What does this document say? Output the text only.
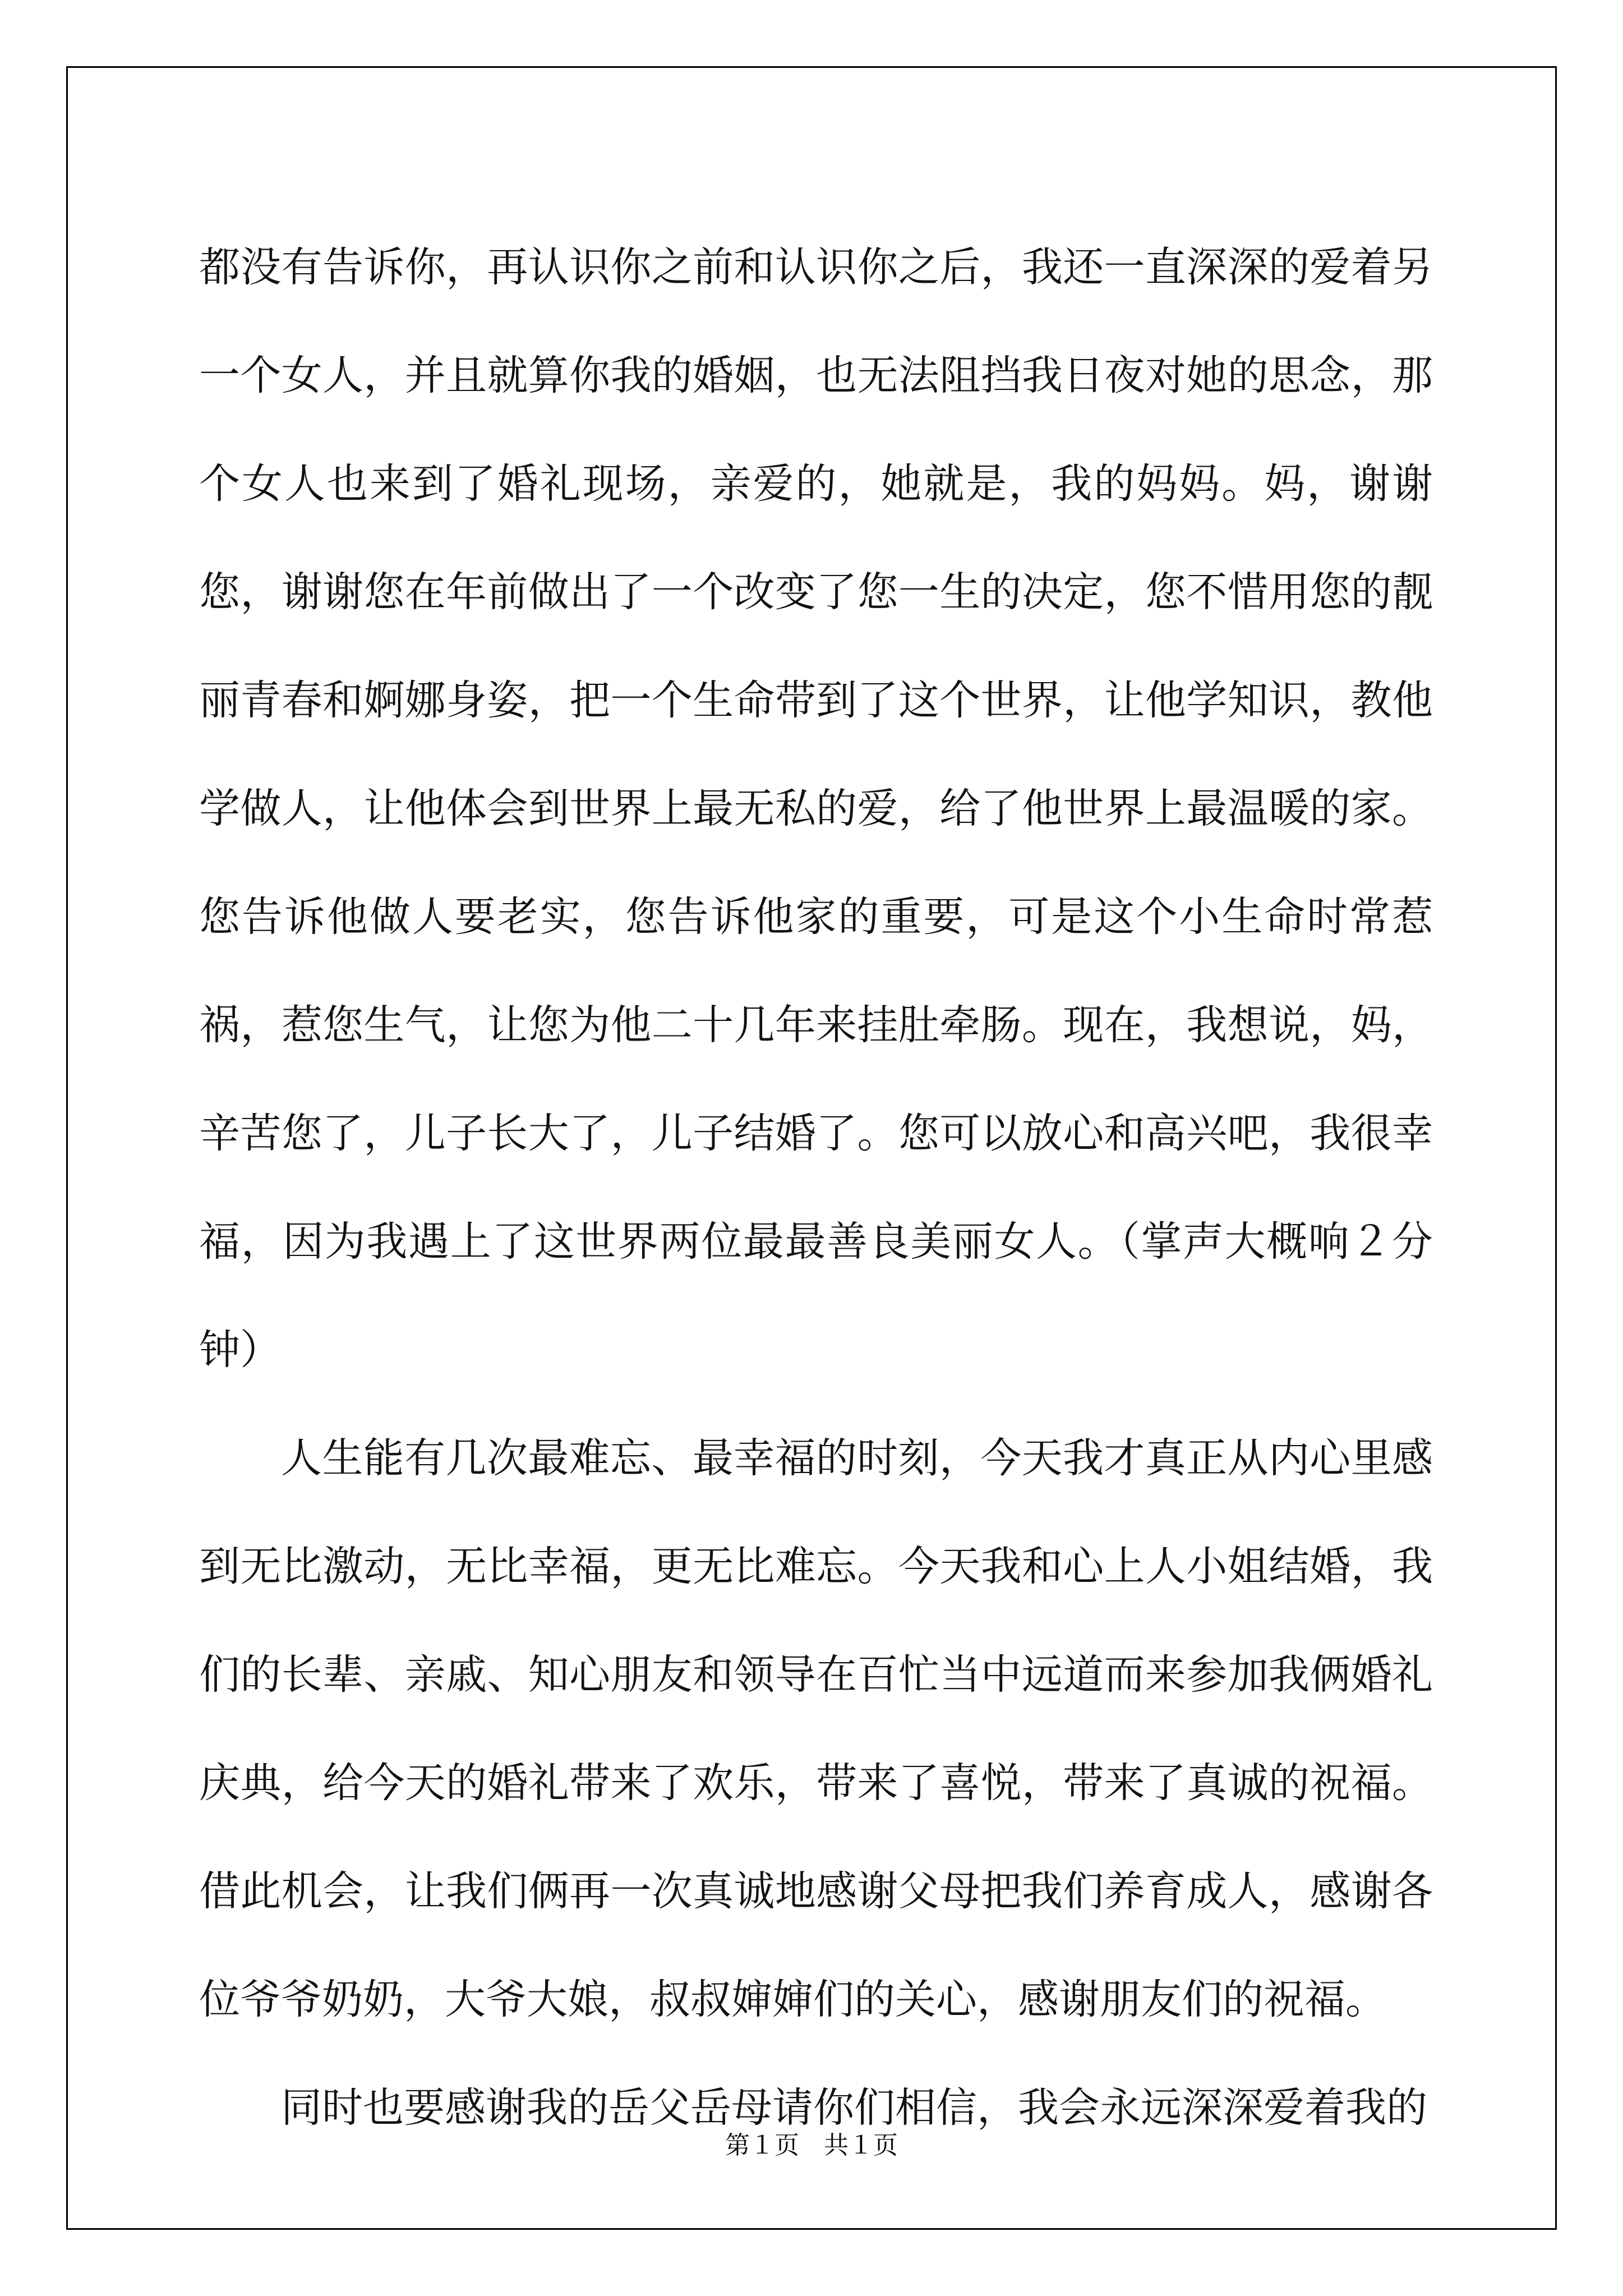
都没有告诉你，再认识你之前和认识你之后，我还一直深深的爱着另一个女人，并且就算你我的婚姻，也无法阻挡我日夜对她的思念，那个女人也来到了婚礼现场，亲爱的，她就是，我的妈妈。妈，谢谢您，谢谢您在年前做出了一个改变了您一生的决定，您不惜用您的靓丽青春和婀娜身姿，把一个生命带到了这个世界，让他学知识，教他学做人，让他体会到世界上最无私的爱，给了他世界上最温暖的家。您告诉他做人要老实，您告诉他家的重要，可是这个小生命时常惹祸，惹您生气，让您为他二十几年来挂肚牵肠。现在，我想说，妈，辛苦您了，儿子长大了，儿子结婚了。您可以放心和高兴吧，我很幸福，因为我遇上了这世界两位最最善良美丽女人。（掌声大概响２分钟）

人生能有几次最难忘、最幸福的时刻，今天我才真正从内心里感到无比激动，无比幸福，更无比难忘。今天我和心上人小姐结婚，我们的长辈、亲戚、知心朋友和领导在百忙当中远道而来参加我俩婚礼庆典，给今天的婚礼带来了欢乐，带来了喜悦，带来了真诚的祝福。借此机会，让我们俩再一次真诚地感谢父母把我们养育成人，感谢各位爷爷奶奶，大爷大娘，叔叔婶婶们的关心，感谢朋友们的祝福。

同时也要感谢我的岳父岳母请你们相信，我会永远深深爱着我的

第１页　共１页
